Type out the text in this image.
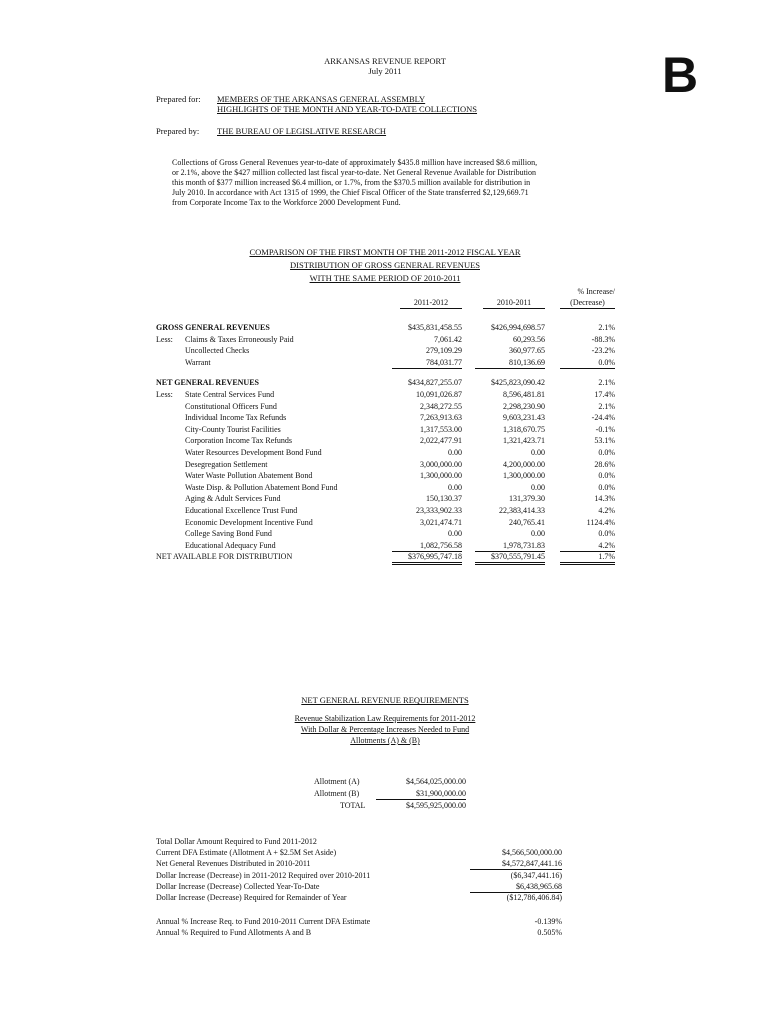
ARKANSAS REVENUE REPORT
July 2011	B
Prepared for: MEMBERS OF THE ARKANSAS GENERAL ASSEMBLY
HIGHLIGHTS OF THE MONTH AND YEAR-TO-DATE COLLECTIONS
Prepared by: THE BUREAU OF LEGISLATIVE RESEARCH
Collections of Gross General Revenues year-to-date of approximately $435.8 million have increased $8.6 million,
or 2.1%, above the $427 million collected last fiscal year-to-date. Net General Revenue Available for Distribution
this month of $377 million increased $6.4 million, or 1.7%, from the $370.5 million available for distribution in
July 2010. In accordance with Act 1315 of 1999, the Chief Fiscal Officer of the State transferred $2,129,669.71
from Corporate Income Tax to the Workforce 2000 Development Fund.
COMPARISON OF THE FIRST MONTH OF THE 2011-2012 FISCAL YEAR
DISTRIBUTION OF GROSS GENERAL REVENUES
WITH THE SAME PERIOD OF 2010-2011
% Increase/
2011-2012	2010-2011	(Decrease)
GROSS GENERAL REVENUES	$435,831,458.55	$426,994,698.57	2.1%
Less: Claims & Taxes Erroneously Paid	7,061.42	60,293.56	-88.3%
Uncollected Checks	279,109.29	360,977.65	-23.2%
Warrant	784,031.77	810,136.69	0.0%
NET GENERAL REVENUES	$434,827,255.07	$425,823,090.42	2.1%
Less: State Central Services Fund	10,091,026.87	8,596,481.81	17.4%
Constitutional Officers Fund	2,348,272.55	2,298,230.90	2.1%
Individual Income Tax Refunds	7,263,913.63	9,603,231.43	-24.4%
City-County Tourist Facilities	1,317,553.00	1,318,670.75	-0.1%
Corporation Income Tax Refunds	2,022,477.91	1,321,423.71	53.1%
Water Resources Development Bond Fund	0.00	0.00	0.0%
Desegregation Settlement	3,000,000.00	4,200,000.00	28.6%
Water Waste Pollution Abatement Bond	1,300,000.00	1,300,000.00	0.0%
Waste Disp. & Pollution Abatement Bond Fund	0.00	0.00	0.0%
Aging & Adult Services Fund	150,130.37	131,379.30	14.3%
Educational Excellence Trust Fund	23,333,902.33	22,383,414.33	4.2%
Economic Development Incentive Fund	3,021,474.71	240,765.41	1124.4%
College Saving Bond Fund	0.00	0.00	0.0%
Educational Adequacy Fund	1,082,756.58	1,978,731.83	4.2%
NET AVAILABLE FOR DISTRIBUTION	$376,995,747.18	$370,555,791.45	1.7%
NET GENERAL REVENUE REQUIREMENTS
Revenue Stabilization Law Requirements for 2011-2012
With Dollar & Percentage Increases Needed to Fund
Allotments (A) & (B)
Allotment (A)	$4,564,025,000.00
Allotment (B)	$31,900,000.00
TOTAL	$4,595,925,000.00
Total Dollar Amount Required to Fund 2011-2012
Current DFA Estimate (Allotment A + $2.5M Set Aside)	$4,566,500,000.00
Net General Revenues Distributed in 2010-2011	$4,572,847,441.16
Dollar Increase (Decrease) in 2011-2012 Required over 2010-2011	($6,347,441.16)
Dollar Increase (Decrease) Collected Year-To-Date	$6,438,965.68
Dollar Increase (Decrease) Required for Remainder of Year	($12,786,406.84)
Annual % Increase Req. to Fund 2010-2011 Current DFA Estimate	-0.139%
Annual % Required to Fund Allotments A and B	0.505%
